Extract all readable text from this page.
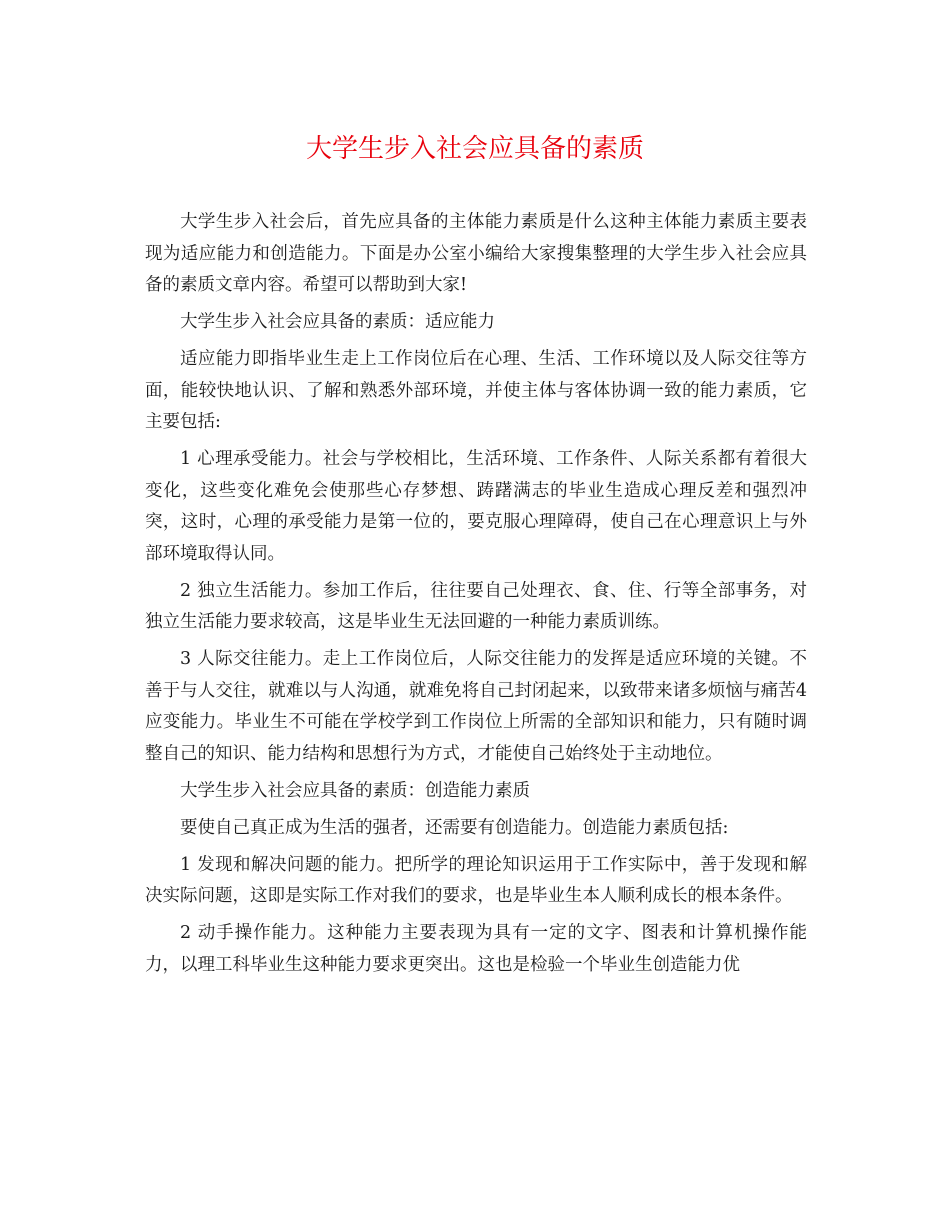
大学生步入社会应具备的素质

大学生步入社会后，首先应具备的主体能力素质是什么这种主体能力素质主要表现为适应能力和创造能力。下面是办公室小编给大家搜集整理的大学生步入社会应具备的素质文章内容。希望可以帮助到大家!

大学生步入社会应具备的素质：适应能力

适应能力即指毕业生走上工作岗位后在心理、生活、工作环境以及人际交往等方面，能较快地认识、了解和熟悉外部环境，并使主体与客体协调一致的能力素质，它主要包括:

1 心理承受能力。社会与学校相比，生活环境、工作条件、人际关系都有着很大变化，这些变化难免会使那些心存梦想、踌躇满志的毕业生造成心理反差和强烈冲突，这时，心理的承受能力是第一位的，要克服心理障碍，使自己在心理意识上与外部环境取得认同。

2 独立生活能力。参加工作后，往往要自己处理衣、食、住、行等全部事务，对独立生活能力要求较高，这是毕业生无法回避的一种能力素质训练。

3 人际交往能力。走上工作岗位后，人际交往能力的发挥是适应环境的关键。不善于与人交往，就难以与人沟通，就难免将自己封闭起来，以致带来诸多烦恼与痛苦4 应变能力。毕业生不可能在学校学到工作岗位上所需的全部知识和能力，只有随时调整自己的知识、能力结构和思想行为方式，才能使自己始终处于主动地位。

大学生步入社会应具备的素质：创造能力素质

要使自己真正成为生活的强者，还需要有创造能力。创造能力素质包括:

1 发现和解决问题的能力。把所学的理论知识运用于工作实际中，善于发现和解决实际问题，这即是实际工作对我们的要求，也是毕业生本人顺利成长的根本条件。

2 动手操作能力。这种能力主要表现为具有一定的文字、图表和计算机操作能力，以理工科毕业生这种能力要求更突出。这也是检验一个毕业生创造能力优
